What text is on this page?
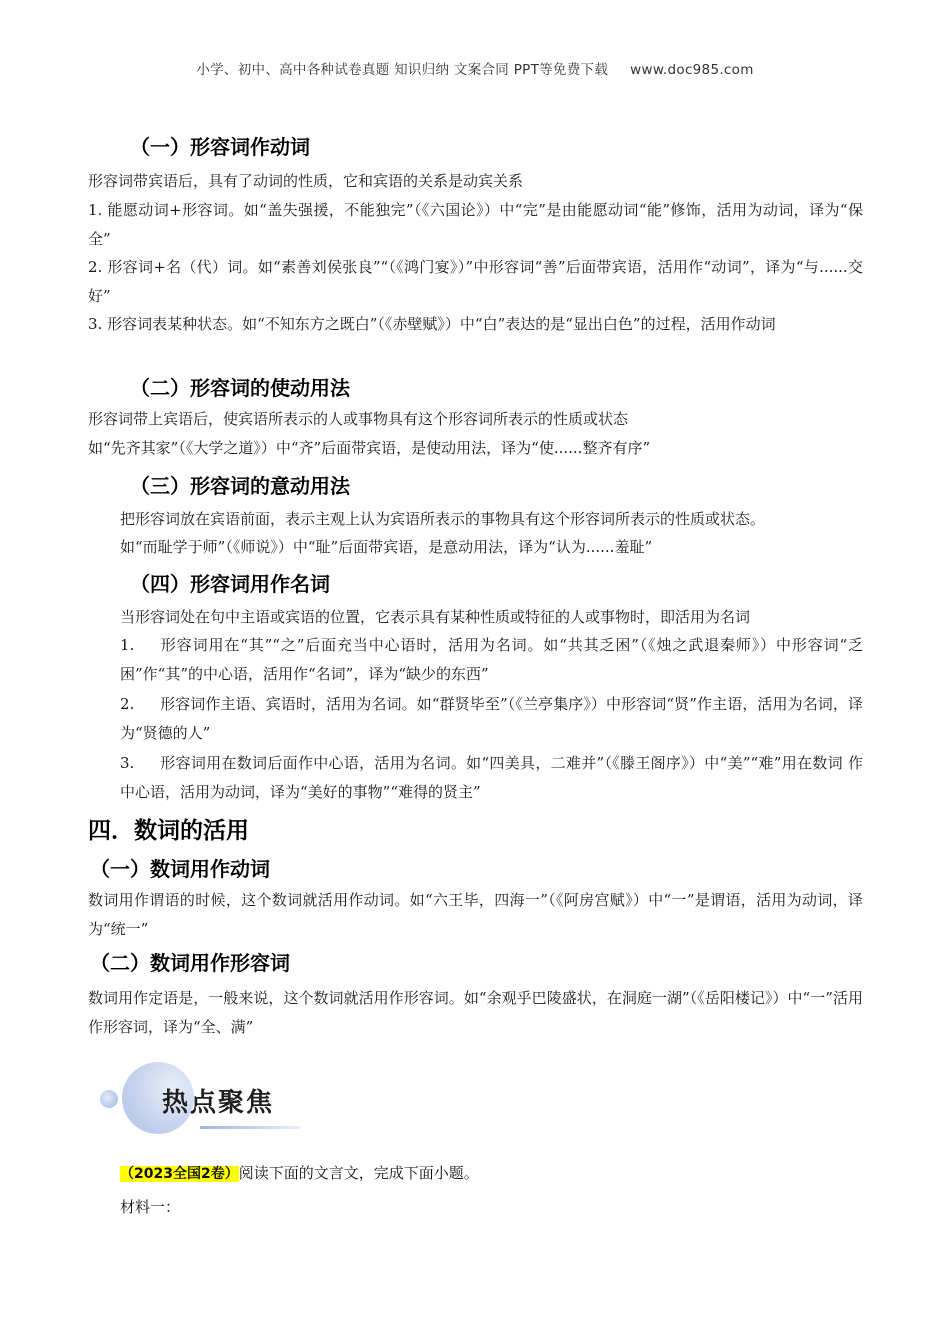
小学、初中、高中各种试卷真题 知识归纳 文案合同 PPT等免费下载 www.doc985.com
（一）形容词作动词
形容词带宾语后，具有了动词的性质，它和宾语的关系是动宾关系
1. 能愿动词+形容词。如“盖失强援，不能独完”（《六国论》）中“完”是由能愿动词“能”修饰，活用为动词，译为“保全”
2. 形容词+名（代）词。如“素善刘侯张良”“（《鸿门宴》）”中形容词“善”后面带宾语，活用作“动词”，译为“与......交好”
3. 形容词表某种状态。如“不知东方之既白”（《赤壁赋》）中“白”表达的是“显出白色”的过程，活用作动词
（二）形容词的使动用法
形容词带上宾语后，使宾语所表示的人或事物具有这个形容词所表示的性质或状态
如“先齐其家”（《大学之道》）中“齐”后面带宾语，是使动用法，译为“使......整齐有序”
（三）形容词的意动用法
把形容词放在宾语前面，表示主观上认为宾语所表示的事物具有这个形容词所表示的性质或状态。
如“而耻学于师”（《师说》）中“耻”后面带宾语，是意动用法，译为“认为......羞耻”
（四）形容词用作名词
当形容词处在句中主语或宾语的位置，它表示具有某种性质或特征的人或事物时，即活用为名词
1. 形容词用在“其”“之”后面充当中心语时，活用为名词。如“共其乏困”（《烛之武退秦师》）中形容词“乏困”作“其”的中心语，活用作“名词”，译为“缺少的东西”
2. 形容词作主语、宾语时，活用为名词。如“群贤毕至”（《兰亭集序》）中形容词“贤”作主语，活用为名词，译为“贤德的人”
3. 形容词用在数词后面作中心语，活用为名词。如“四美具，二难并”（《滕王阁序》）中“美”“难”用在数词 作中心语，活用为动词，译为“美好的事物”“难得的贤主”
四．数词的活用
（一）数词用作动词
数词用作谓语的时候，这个数词就活用作动词。如“六王毕，四海一”（《阿房宫赋》）中“一”是谓语，活用为动词，译为“统一”
（二）数词用作形容词
数词用作定语是，一般来说，这个数词就活用作形容词。如“余观乎巴陵盛状，在洞庭一湖”（《岳阳楼记》）中“一”活用作形容词，译为“全、满”
热点聚焦
（2023全国2卷）阅读下面的文言文，完成下面小题。
材料一：
